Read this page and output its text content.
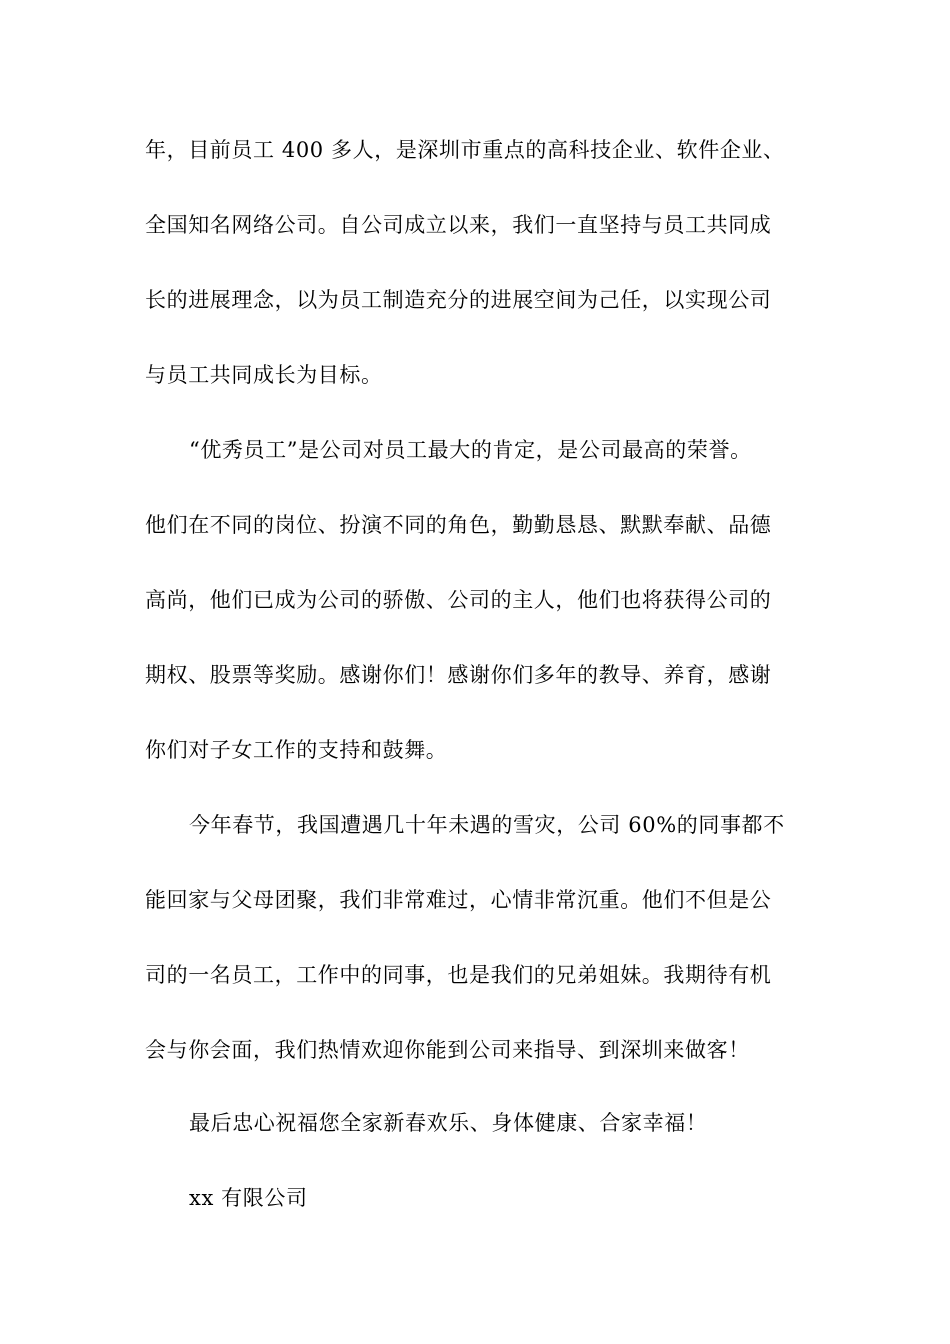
年，目前员工 400 多人，是深圳市重点的高科技企业、软件企业、
全国知名网络公司。自公司成立以来，我们一直坚持与员工共同成
长的进展理念，以为员工制造充分的进展空间为己任，以实现公司
与员工共同成长为目标。
“优秀员工”是公司对员工最大的肯定，是公司最高的荣誉。
他们在不同的岗位、扮演不同的角色，勤勤恳恳、默默奉献、品德
高尚，他们已成为公司的骄傲、公司的主人，他们也将获得公司的
期权、股票等奖励。感谢你们！感谢你们多年的教导、养育，感谢
你们对子女工作的支持和鼓舞。
今年春节，我国遭遇几十年未遇的雪灾，公司 60%的同事都不
能回家与父母团聚，我们非常难过，心情非常沉重。他们不但是公
司的一名员工，工作中的同事，也是我们的兄弟姐妹。我期待有机
会与你会面，我们热情欢迎你能到公司来指导、到深圳来做客！
最后忠心祝福您全家新春欢乐、身体健康、合家幸福！
xx 有限公司
